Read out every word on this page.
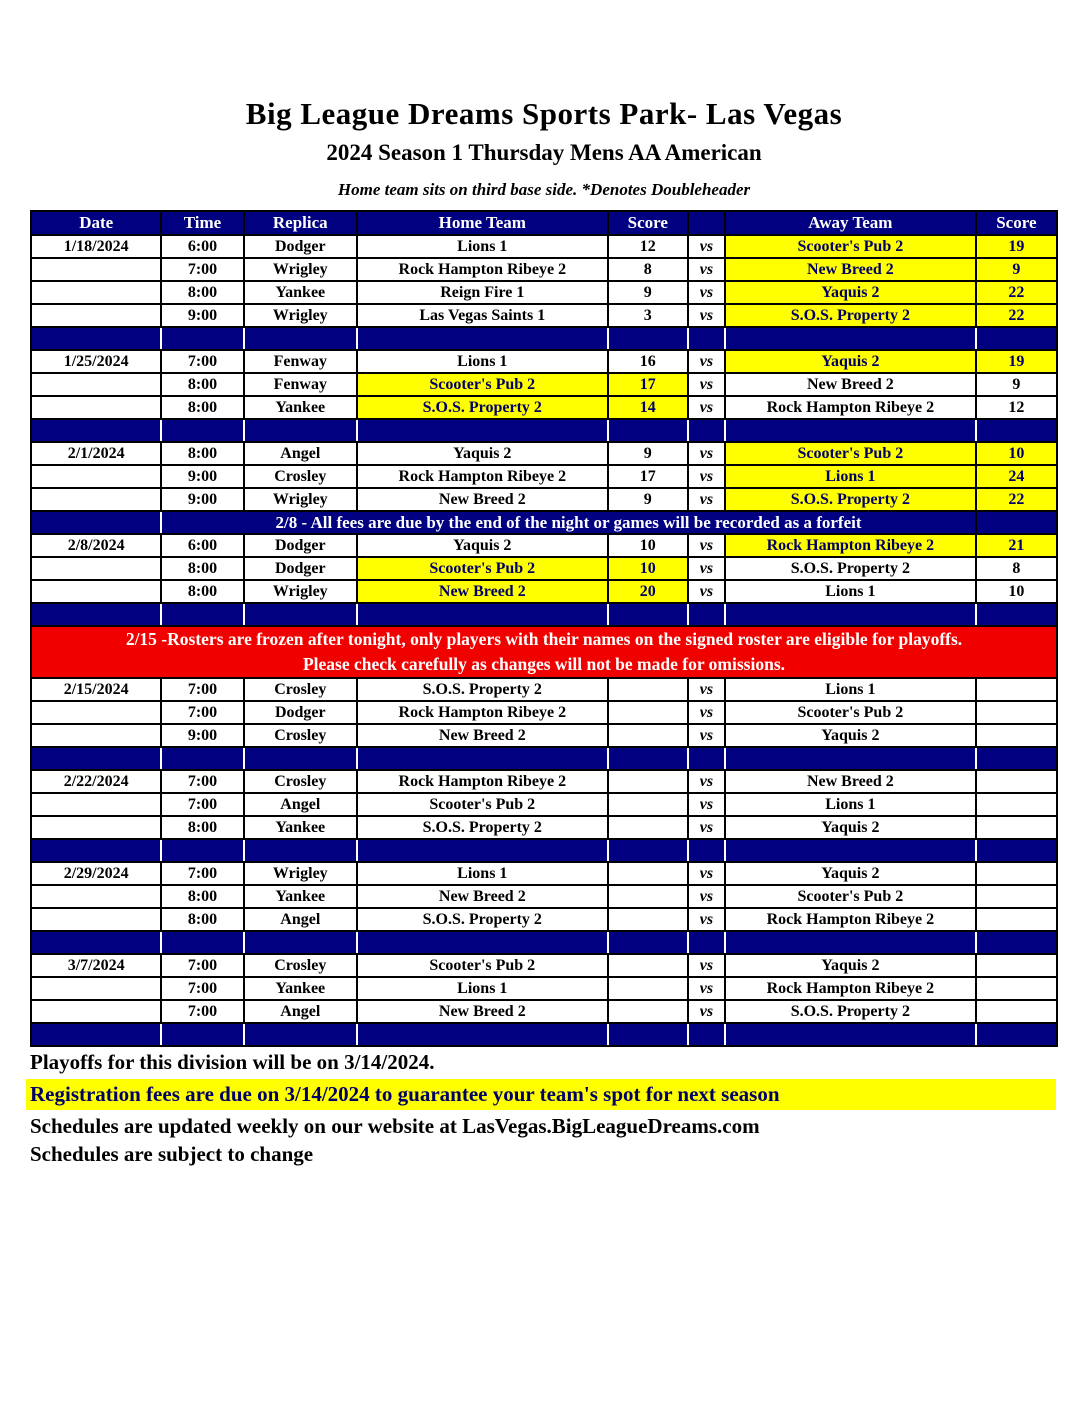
Big League Dreams Sports Park- Las Vegas
2024 Season 1 Thursday Mens AA American
Home team sits on third base side. *Denotes Doubleheader
Date	Time	Replica	Home Team	Score		Away Team	Score
1/18/2024	6:00	Dodger	Lions 1	12	vs	Scooter's Pub 2	19
	7:00	Wrigley	Rock Hampton Ribeye 2	8	vs	New Breed 2	9
	8:00	Yankee	Reign Fire 1	9	vs	Yaquis 2	22
	9:00	Wrigley	Las Vegas Saints 1	3	vs	S.O.S. Property 2	22

1/25/2024	7:00	Fenway	Lions 1	16	vs	Yaquis 2	19
	8:00	Fenway	Scooter's Pub 2	17	vs	New Breed 2	9
	8:00	Yankee	S.O.S. Property 2	14	vs	Rock Hampton Ribeye 2	12

2/1/2024	8:00	Angel	Yaquis 2	9	vs	Scooter's Pub 2	10
	9:00	Crosley	Rock Hampton Ribeye 2	17	vs	Lions 1	24
	9:00	Wrigley	New Breed 2	9	vs	S.O.S. Property 2	22
	2/8 - All fees are due by the end of the night or games will be recorded as a forfeit						
2/8/2024	6:00	Dodger	Yaquis 2	10	vs	Rock Hampton Ribeye 2	21
	8:00	Dodger	Scooter's Pub 2	10	vs	S.O.S. Property 2	8
	8:00	Wrigley	New Breed 2	20	vs	Lions 1	10

2/15 -Rosters are frozen after tonight, only players with their names on the signed roster are eligible for playoffs.
Please check carefully as changes will not be made for omissions.							

2/15/2024	7:00	Crosley	S.O.S. Property 2		vs	Lions 1	
	7:00	Dodger	Rock Hampton Ribeye 2		vs	Scooter's Pub 2	
	9:00	Crosley	New Breed 2		vs	Yaquis 2	

2/22/2024	7:00	Crosley	Rock Hampton Ribeye 2		vs	New Breed 2	
	7:00	Angel	Scooter's Pub 2		vs	Lions 1	
	8:00	Yankee	S.O.S. Property 2		vs	Yaquis 2	

2/29/2024	7:00	Wrigley	Lions 1		vs	Yaquis 2	
	8:00	Yankee	New Breed 2		vs	Scooter's Pub 2	
	8:00	Angel	S.O.S. Property 2		vs	Rock Hampton Ribeye 2	

3/7/2024	7:00	Crosley	Scooter's Pub 2		vs	Yaquis 2	
	7:00	Yankee	Lions 1		vs	Rock Hampton Ribeye 2	
	7:00	Angel	New Breed 2		vs	S.O.S. Property 2	

Playoffs for this division will be on 3/14/2024.
Registration fees are due on 3/14/2024 to guarantee your team's spot for next season
Schedules are updated weekly on our website at LasVegas.BigLeagueDreams.com
Schedules are subject to change
